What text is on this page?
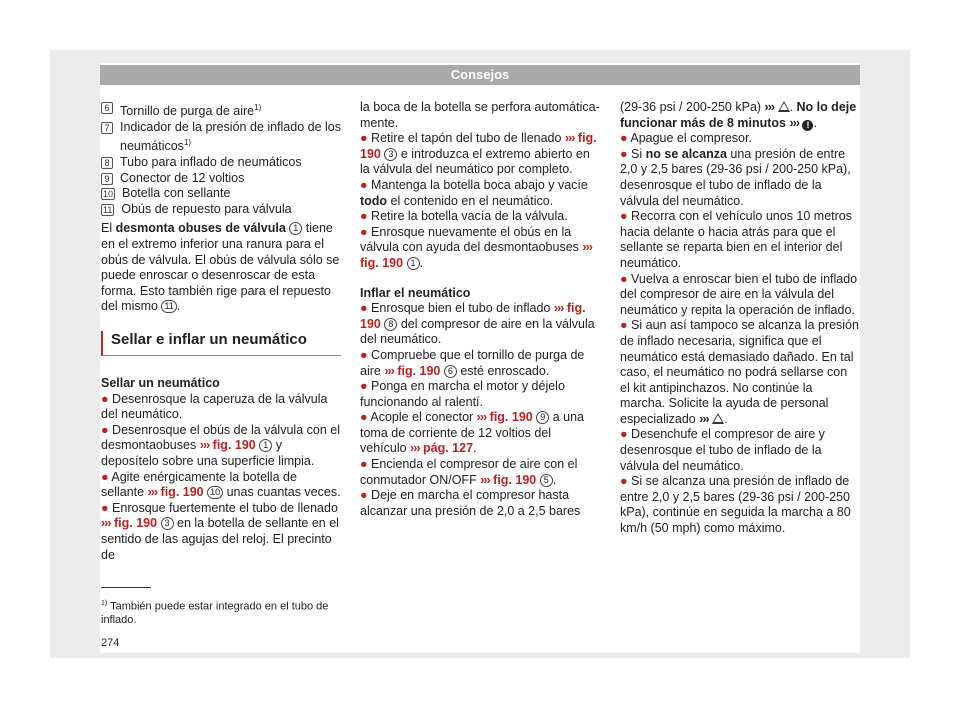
Consejos
6 Tornillo de purga de aire$^{1)}$
7 Indicador de la presión de inflado de los neumáticos$^{1)}$
8 Tubo para inflado de neumáticos
9 Conector de 12 voltios
10 Botella con sellante
11 Obús de repuesto para válvula

El desmonta obuses de válvula 1 tiene en el extremo inferior una ranura para el obús de válvula. El obús de válvula sólo se puede enroscar o desenroscar de esta forma. Esto también rige para el repuesto del mismo 11 .

Sellar e inflar un neumático

Sellar un neumático

● Desenrosque la caperuza de la válvula del neumático.

● Desenrosque el obús de la válvula con el desmontaobuses ››› fig. 190 1 y deposítelo sobre una superficie limpia.

● Agite enérgicamente la botella de sellante ››› fig. 190 10 unas cuantas veces.

● Enrosque fuertemente el tubo de llenado ››› fig. 190 3 en la botella de sellante en el sentido de las agujas del reloj. El precinto de

la boca de la botella se perfora automáticamente.

● Retire el tapón del tubo de llenado ››› fig. 190 3 e introduzca el extremo abierto en la válvula del neumático por completo.

● Mantenga la botella boca abajo y vacíe todo el contenido en el neumático.

● Retire la botella vacía de la válvula.

● Enrosque nuevamente el obús en la válvula con ayuda del desmontaobuses ››› fig. 190 1 .

Inflar el neumático

● Enrosque bien el tubo de inflado ››› fig. 190 8 del compresor de aire en la válvula del neumático.

● Compruebe que el tornillo de purga de aire ››› fig. 190 6 esté enroscado.

● Ponga en marcha el motor y déjelo funcionando al ralentí.

● Acople el conector ››› fig. 190 9 a una toma de corriente de 12 voltios del vehículo ››› pág. 127.

● Encienda el compresor de aire con el conmutador ON/OFF ››› fig. 190 5 .

● Deje en marcha el compresor hasta alcanzar una presión de 2,0 a 2,5 bares

(29-36 psi / 200-250 kPa) ››› . No lo deje funcionar más de 8 minutos ››› ! .

● Apague el compresor.

● Si no se alcanza una presión de entre 2,0 y 2,5 bares (29-36 psi / 200-250 kPa), desenrosque el tubo de inflado de la válvula del neumático.

● Recorra con el vehículo unos 10 metros hacia delante o hacia atrás para que el sellante se reparta bien en el interior del neumático.

● Vuelva a enroscar bien el tubo de inflado del compresor de aire en la válvula del neumático y repita la operación de inflado.

● Si aun así tampoco se alcanza la presión de inflado necesaria, significa que el neumático está demasiado dañado. En tal caso, el neumático no podrá sellarse con el kit antipinchazos. No continúe la marcha. Solicite la ayuda de personal especializado ››› .

● Desenchufe el compresor de aire y desenrosque el tubo de inflado de la válvula del neumático.

● Si se alcanza una presión de inflado de entre 2,0 y 2,5 bares (29-36 psi / 200-250 kPa), continúe en seguida la marcha a 80 km/h (50 mph) como máximo.

$^{1)}$ También puede estar integrado en el tubo de inflado.
274
